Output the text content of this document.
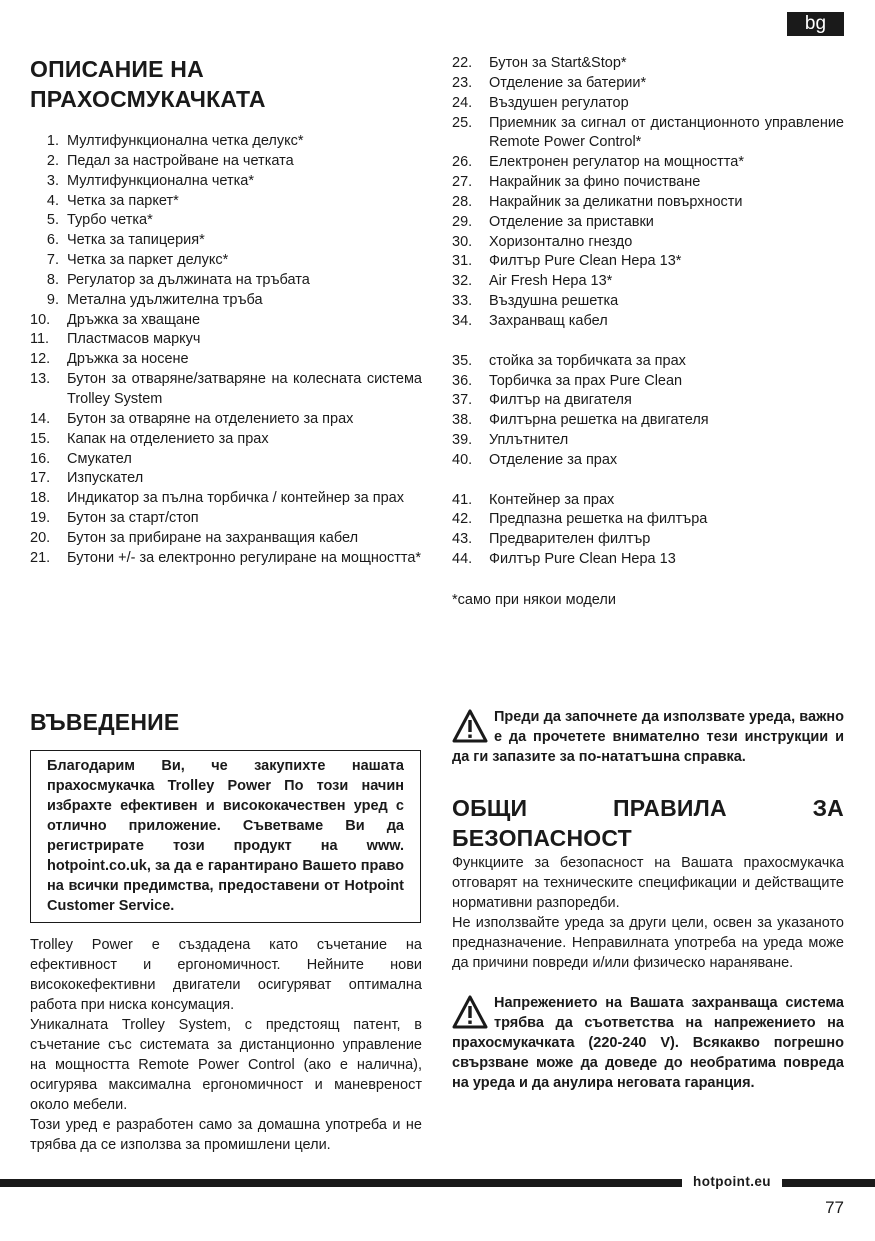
bg
ОПИСАНИЕ НА
ПРАХОСМУКАЧКАТА
1. Мултифункционална четка делукс*
2. Педал за настройване на четката
3. Мултифункционална четка*
4. Четка за паркет*
5. Турбо четка*
6. Четка за тапицерия*
7. Четка за паркет делукс*
8. Регулатор за дължината на тръбата
9. Метална удължителна тръба
10.	Дръжка за хващане
11.	Пластмасов маркуч
12.	Дръжка за носене
13.	Бутон за отваряне/затваряне на колесната система Trolley System
14.	Бутон за отваряне на отделението за прах
15.	Капак на отделението за прах
16.	Смукател
17.	Изпускател
18.	Индикатор за пълна торбичка / контейнер за прах
19.	Бутон за старт/стоп
20.	Бутон за прибиране на захранващия кабел
21.	Бутони +/- за електронно регулиране на мощността*
22.	Бутон за Start&Stop*
23.	Отделение за батерии*
24.	Въздушен регулатор
25.	Приемник за сигнал от дистанционното управление Remote Power Control*
26.	Електронен регулатор на мощността*
27.	Накрайник за фино почистване
28.	Накрайник за деликатни повърхности
29.	Отделение за приставки
30.	Хоризонтално гнездо
31.	Филтър Pure Clean Hepa 13*
32.	Air Fresh Hepa 13*
33.	Въздушна решетка
34.	Захранващ кабел
35.	стойка за торбичката за прах
36.	Торбичка за прах Pure Clean
37.	Филтър на двигателя
38.	Филтърна решетка на двигателя
39.	Уплътнител
40.	Отделение за прах
41.	Контейнер за прах
42.	Предпазна решетка на филтъра
43.	Предварителен филтър
44.	Филтър Pure Clean Hepa 13
*само при някои модели
ВЪВЕДЕНИЕ
Благодарим Ви, че закупихте нашата прахосмукачка Trolley Power По този начин избрахте ефективен и висококачествен уред с отлично приложение. Съветваме Ви да регистрирате този продукт на www. hotpoint.co.uk, за да е гарантирано Вашето право на всички предимства, предоставени от Hotpoint Customer Service.

Trolley Power е създадена като съчетание на ефективност и ергономичност. Нейните нови висококефективни двигатели осигуряват оптимална работа при ниска консумация.

Уникалната Trolley System, с предстоящ патент, в съчетание със системата за дистанционно управление на мощността Remote Power Control (ако е налична), осигурява максимална ергономичност и маневреност около мебели.

Този уред е разработен само за домашна употреба и не трябва да се използва за промишлени цели.

Преди да започнете да използвате уреда, важно е да прочетете внимателно тези инструкции и да ги запазите за по-нататъшна справка.
ОБЩИ	ПРАВИЛА	ЗА
БЕЗОПАСНОСТ

Функциите за безопасност на Вашата прахосмукачка отговарят на техническите спецификации и действащите нормативни разпоредби.

Не използвайте уреда за други цели, освен за указаното предназначение. Неправилната употреба на уреда може да причини повреди и/или физическо нараняване.

Напрежението на Вашата захранваща система трябва да съответства на напрежението на прахосмукачката (220-240 V). Всякакво погрешно свързване може да доведе до необратима повреда на уреда и да анулира неговата гаранция.
hotpoint.eu
77
